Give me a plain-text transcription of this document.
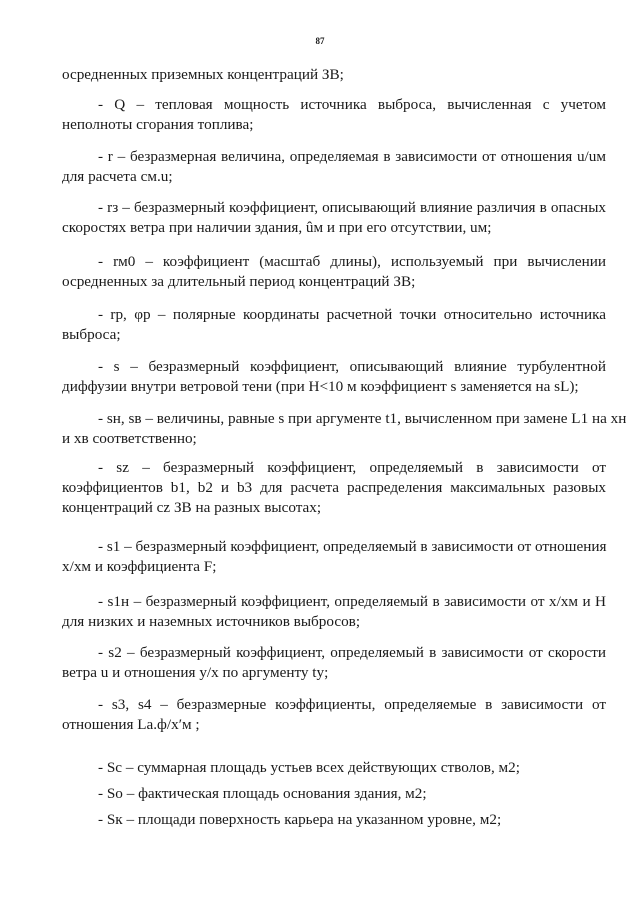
87
осредненных приземных концентраций ЗВ;
- Q – тепловая мощность источника выброса, вычисленная с учетом
неполноты сгорания топлива;
- r – безразмерная величина, определяемая в зависимости от отношения u/uм
для расчета cм.u;
- rз – безразмерный коэффициент, описывающий влияние различия в опасных
скоростях ветра при наличии здания, ûм и при его отсутствии, uм;
- rм0 – коэффициент (масштаб длины), используемый при вычислении
осредненных за длительный период концентраций ЗВ;
- rр, φр – полярные координаты расчетной точки относительно источника
выброса;
- s – безразмерный коэффициент, описывающий влияние турбулентной
диффузии внутри ветровой тени (при H<10 м коэффициент s заменяется на sL);
- sн, sв – величины, равные s при аргументе t1, вычисленном при замене L1 на xн
и xв соответственно;
- sz – безразмерный коэффициент, определяемый в зависимости от
коэффициентов b1, b2 и b3 для расчета распределения максимальных разовых
концентраций cz ЗВ на разных высотах;
- s1 – безразмерный коэффициент, определяемый в зависимости от отношения
x/xм и коэффициента F;
- s1н – безразмерный коэффициент, определяемый в зависимости от x/xм и H
для низких и наземных источников выбросов;
- s2 – безразмерный коэффициент, определяемый в зависимости от скорости
ветра u и отношения y/x по аргументу ty;
- s3, s4 – безразмерные коэффициенты, определяемые в зависимости от
отношения Lа.ф/x′м ;
- Sc – суммарная площадь устьев всех действующих стволов, м2;
- So – фактическая площадь основания здания, м2;
- Sк – площади поверхность карьера на указанном уровне, м2;
